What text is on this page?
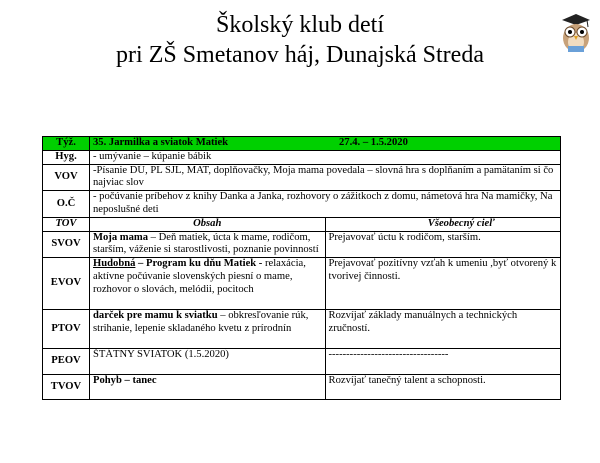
Školský klub detí
pri ZŠ Smetanov háj, Dunajská Streda
Týž.	35. Jarmilka a sviatok Matiek 27.4. – 1.5.2020	
Hyg.	- umývanie – kúpanie bábik	
VOV	-Písanie DÚ, PL SJL, MAT, doplňovačky, Moja mama povedala – slovná hra s doplňaním a pamätaním si čo najviac slov	
O.Č	- počúvanie príbehov z knihy Danka a Janka, rozhovory o zážitkoch z domu, námetová hra Na mamičky, Na neposlušné deti	
TOV	Obsah	Všeobecný cieľ
SVOV	Moja mama – Deň matiek, úcta k mame, rodičom, starším, váženie si starostlivosti, poznanie povinností	Prejavovať úctu k rodičom, starším.
EVOV	Hudobná – Program ku dňu Matiek - relaxácia, aktívne počúvanie slovenských piesní o mame, rozhovor o slovách, melódii, pocitoch	Prejavovať pozitívny vzťah k umeniu ,byť otvorený k tvorivej činnosti.
PTOV	darček pre mamu k sviatku – obkresľovanie rúk, strihanie, lepenie skladaného kvetu z prírodnín	Rozvíjať základy manuálnych a technických zručností.
PEOV	ŠTÁTNY SVIATOK (1.5.2020)	----------------------------------
TVOV	Pohyb – tanec	Rozvíjať tanečný talent a schopnosti.
